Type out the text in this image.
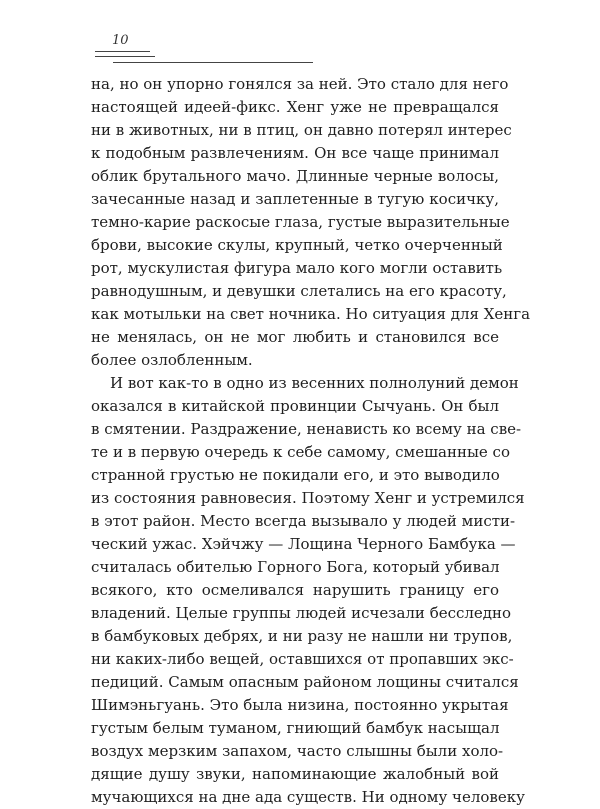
10
на, но он упорно гонялся за ней. Это стало для него
настоящей идеей-фикс. Хенг уже не превращался
ни в животных, ни в птиц, он давно потерял интерес
к подобным развлечениям. Он все чаще принимал
облик брутального мачо. Длинные черные волосы,
зачесанные назад и заплетенные в тугую косичку,
темно-карие раскосые глаза, густые выразительные
брови, высокие скулы, крупный, четко очерченный
рот, мускулистая фигура мало кого могли оставить
равнодушным, и девушки слетались на его красоту,
как мотыльки на свет ночника. Но ситуация для Хенга
не менялась, он не мог любить и становился все
более озлобленным.
И вот как-то в одно из весенних полнолуний демон
оказался в китайской провинции Сычуань. Он был
в смятении. Раздражение, ненависть ко всему на све-
те и в первую очередь к себе самому, смешанные со
странной грустью не покидали его, и это выводило
из состояния равновесия. Поэтому Хенг и устремился
в этот район. Место всегда вызывало у людей мисти-
ческий ужас. Хэйчжу — Лощина Черного Бамбука —
считалась обителью Горного Бога, который убивал
всякого, кто осмеливался нарушить границу его
владений. Целые группы людей исчезали бесследно
в бамбуковых дебрях, и ни разу не нашли ни трупов,
ни каких-либо вещей, оставшихся от пропавших экс-
педиций. Самым опасным районом лощины считался
Шимэньгуань. Это была низина, постоянно укрытая
густым белым туманом, гниющий бамбук насыщал
воздух мерзким запахом, часто слышны были холо-
дящие душу звуки, напоминающие жалобный вой
мучающихся на дне ада существ. Ни одному человеку
